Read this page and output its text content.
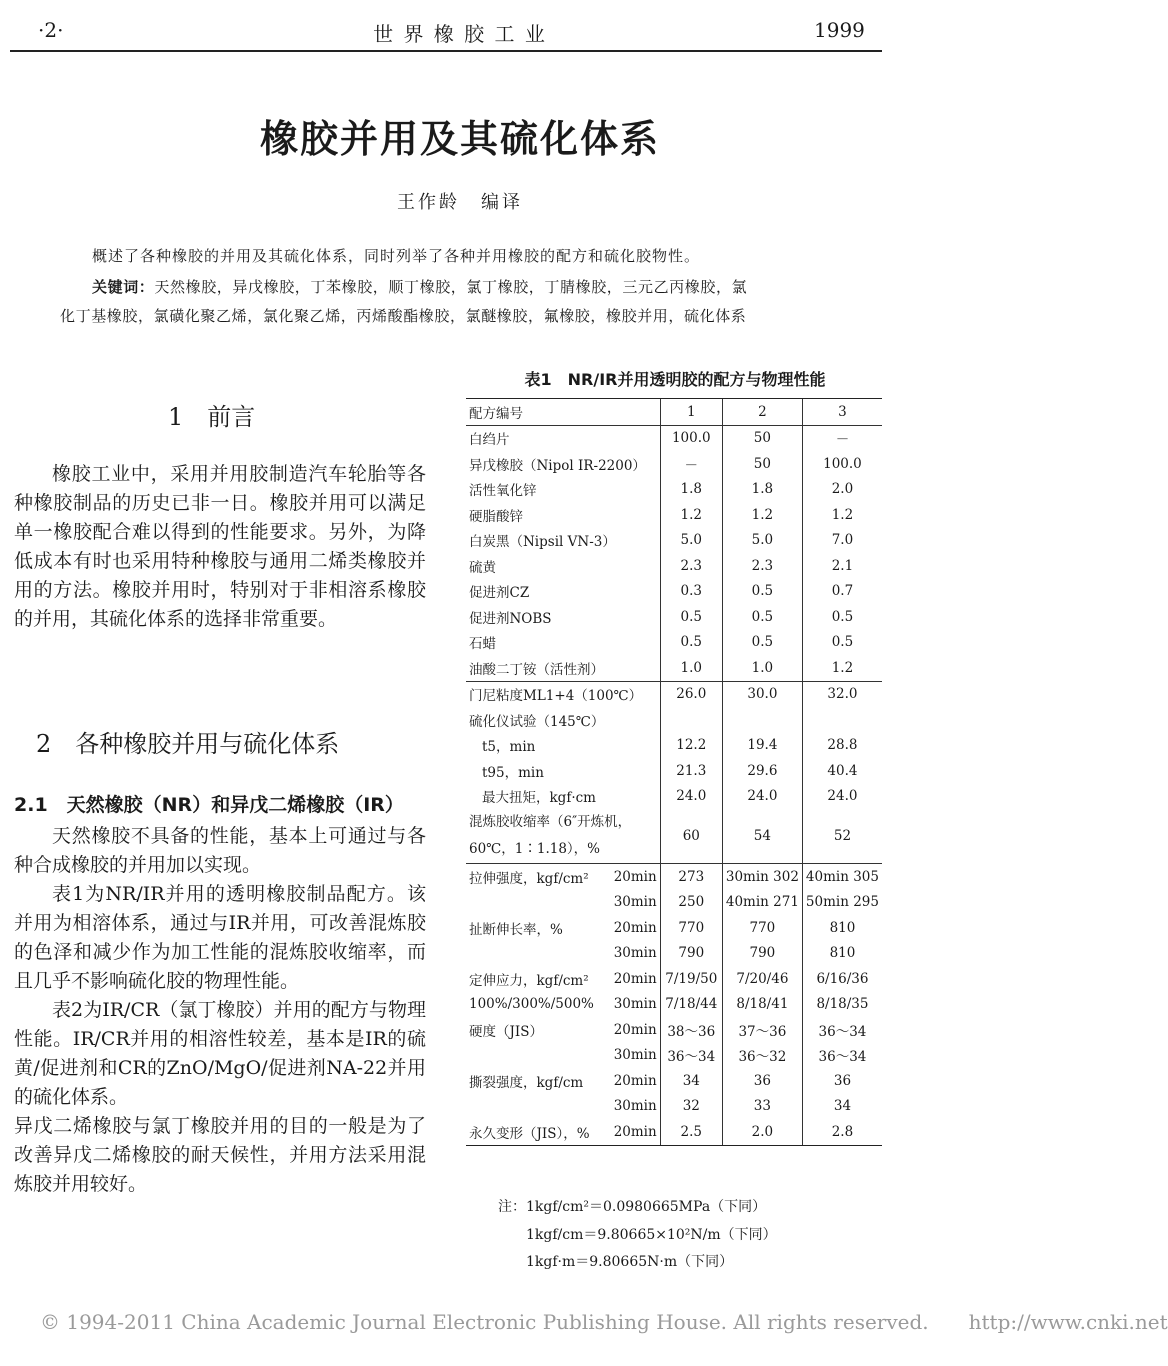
·2·	世 界 橡 胶 工 业	1999
橡胶并用及其硫化体系
王作龄　编译
概述了各种橡胶的并用及其硫化体系，同时列举了各种并用橡胶的配方和硫化胶物性。
关键词：天然橡胶，异戊橡胶，丁苯橡胶，顺丁橡胶，氯丁橡胶，丁腈橡胶，三元乙丙橡胶，氯
化丁基橡胶，氯磺化聚乙烯，氯化聚乙烯，丙烯酸酯橡胶，氯醚橡胶，氟橡胶，橡胶并用，硫化体系
1　前言

橡胶工业中，采用并用胶制造汽车轮胎等各种橡胶制品的历史已非一日。橡胶并用可以满足单一橡胶配合难以得到的性能要求。另外，为降低成本有时也采用特种橡胶与通用二烯类橡胶并用的方法。橡胶并用时，特别对于非相溶系橡胶的并用，其硫化体系的选择非常重要。

2　各种橡胶并用与硫化体系
2.1　天然橡胶（NR）和异戊二烯橡胶（IR）

天然橡胶不具备的性能，基本上可通过与各种合成橡胶的并用加以实现。

表1为NR/IR并用的透明橡胶制品配方。该并用为相溶体系，通过与IR并用，可改善混炼胶的色泽和减少作为加工性能的混炼胶收缩率，而且几乎不影响硫化胶的物理性能。

表2为IR/CR（氯丁橡胶）并用的配方与物理性能。IR/CR并用的相溶性较差，基本是IR的硫黄/促进剂和CR的ZnO/MgO/促进剂NA-22并用的硫化体系。

异戊二烯橡胶与氯丁橡胶并用的目的一般是为了改善异戊二烯橡胶的耐天候性，并用方法采用混炼胶并用较好。

表1　NR/IR并用透明胶的配方与物理性能
配方编号		1	2	3
白绉片		100.0	50	－
异戊橡胶（Nipol IR-2200）		－	50	100.0
活性氧化锌		1.8	1.8	2.0
硬脂酸锌		1.2	1.2	1.2
白炭黑（Nipsil VN-3）		5.0	5.0	7.0
硫黄		2.3	2.3	2.1
促进剂CZ		0.3	0.5	0.7
促进剂NOBS		0.5	0.5	0.5
石蜡		0.5	0.5	0.5
油酸二丁铵（活性剂）		1.0	1.0	1.2
门尼粘度ML1+4（100℃）		26.0	30.0	32.0
硫化仪试验（145℃）				
t5，min		12.2	19.4	28.8
t95，min		21.3	29.6	40.4
最大扭矩，kgf·cm		24.0	24.0	24.0

混炼胶收缩率（6″开炼机，
60℃，1∶1.18），%		60	54	52
拉伸强度，kgf/cm²	20min	273	30min 302	40min 305
	30min	250	40min 271	50min 295
扯断伸长率，%	20min	770	770	810
	30min	790	790	810
定伸应力，kgf/cm²	20min	7/19/50	7/20/46	6/16/36
100%/300%/500%	30min	7/18/44	8/18/41	8/18/35
硬度（JIS）	20min	38～36	37～36	36～34
	30min	36～34	36～32	36～34
撕裂强度，kgf/cm	20min	34	36	36
	30min	32	33	34
永久变形（JIS），%	20min	2.5	2.0	2.8
注：1kgf/cm²＝0.0980665MPa（下同）
1kgf/cm＝9.80665×10²N/m（下同）
1kgf·m＝9.80665N·m（下同）
© 1994-2011 China Academic Journal Electronic Publishing House. All rights reserved.　　http://www.cnki.net
